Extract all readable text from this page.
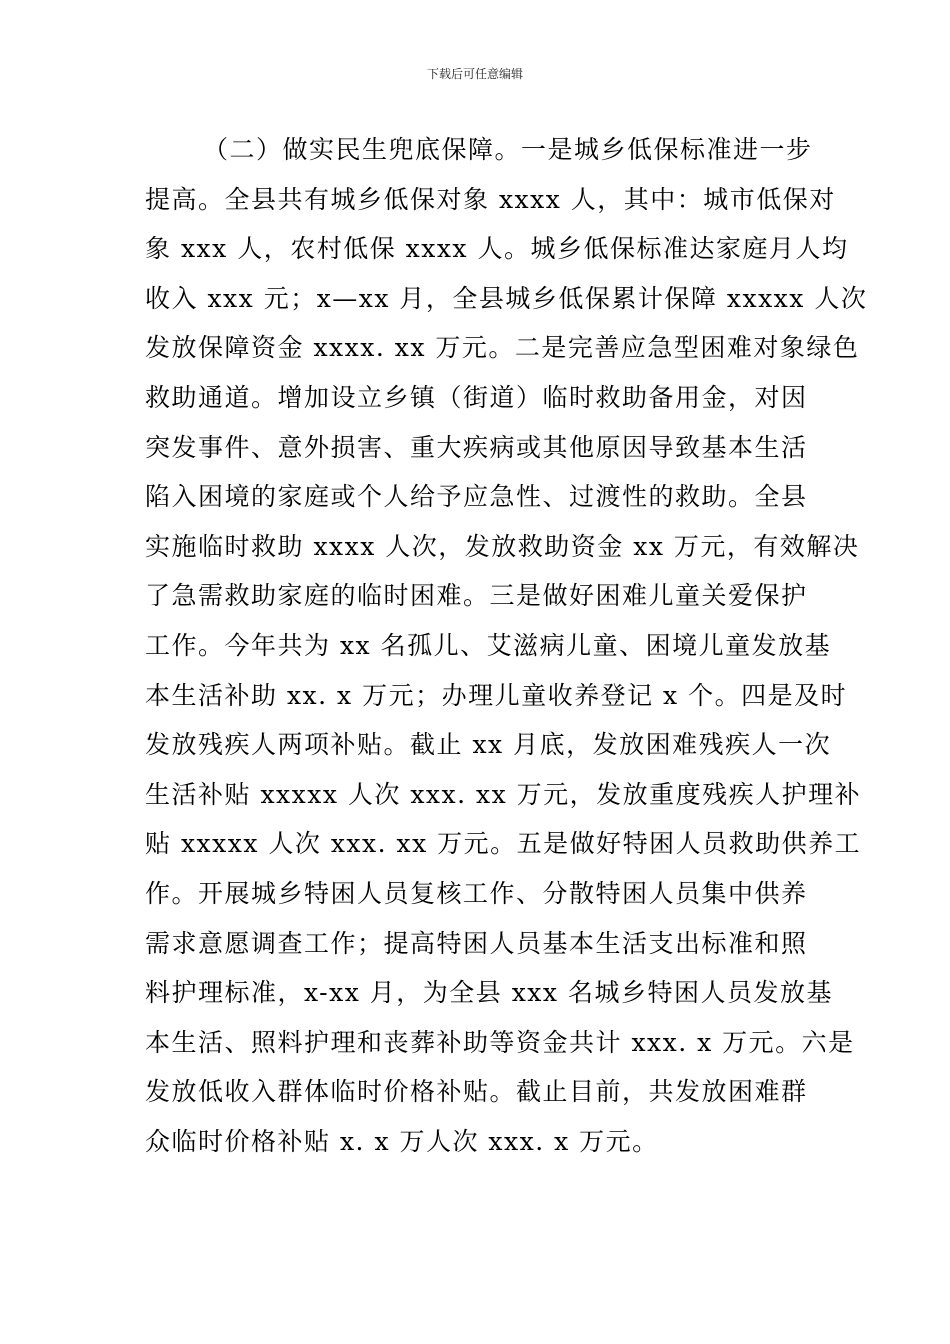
下载后可任意编辑
（二）做实民生兜底保障。一是城乡低保标准进一步
提高。全县共有城乡低保对象 xxxx 人，其中：城市低保对
象 xxx 人，农村低保 xxxx 人。城乡低保标准达家庭月人均
收入 xxx 元；x—xx 月，全县城乡低保累计保障 xxxxx 人次
发放保障资金 xxxx. xx 万元。二是完善应急型困难对象绿色
救助通道。增加设立乡镇（街道）临时救助备用金，对因
突发事件、意外损害、重大疾病或其他原因导致基本生活
陷入困境的家庭或个人给予应急性、过渡性的救助。全县
实施临时救助 xxxx 人次，发放救助资金 xx 万元，有效解决
了急需救助家庭的临时困难。三是做好困难儿童关爱保护
工作。今年共为 xx 名孤儿、艾滋病儿童、困境儿童发放基
本生活补助 xx. x 万元；办理儿童收养登记 x 个。四是及时
发放残疾人两项补贴。截止 xx 月底，发放困难残疾人一次
生活补贴 xxxxx 人次 xxx. xx 万元，发放重度残疾人护理补
贴 xxxxx 人次 xxx. xx 万元。五是做好特困人员救助供养工
作。开展城乡特困人员复核工作、分散特困人员集中供养
需求意愿调查工作；提高特困人员基本生活支出标准和照
料护理标准，x-xx 月，为全县 xxx 名城乡特困人员发放基
本生活、照料护理和丧葬补助等资金共计 xxx. x 万元。六是
发放低收入群体临时价格补贴。截止目前，共发放困难群
众临时价格补贴 x. x 万人次 xxx. x 万元。
